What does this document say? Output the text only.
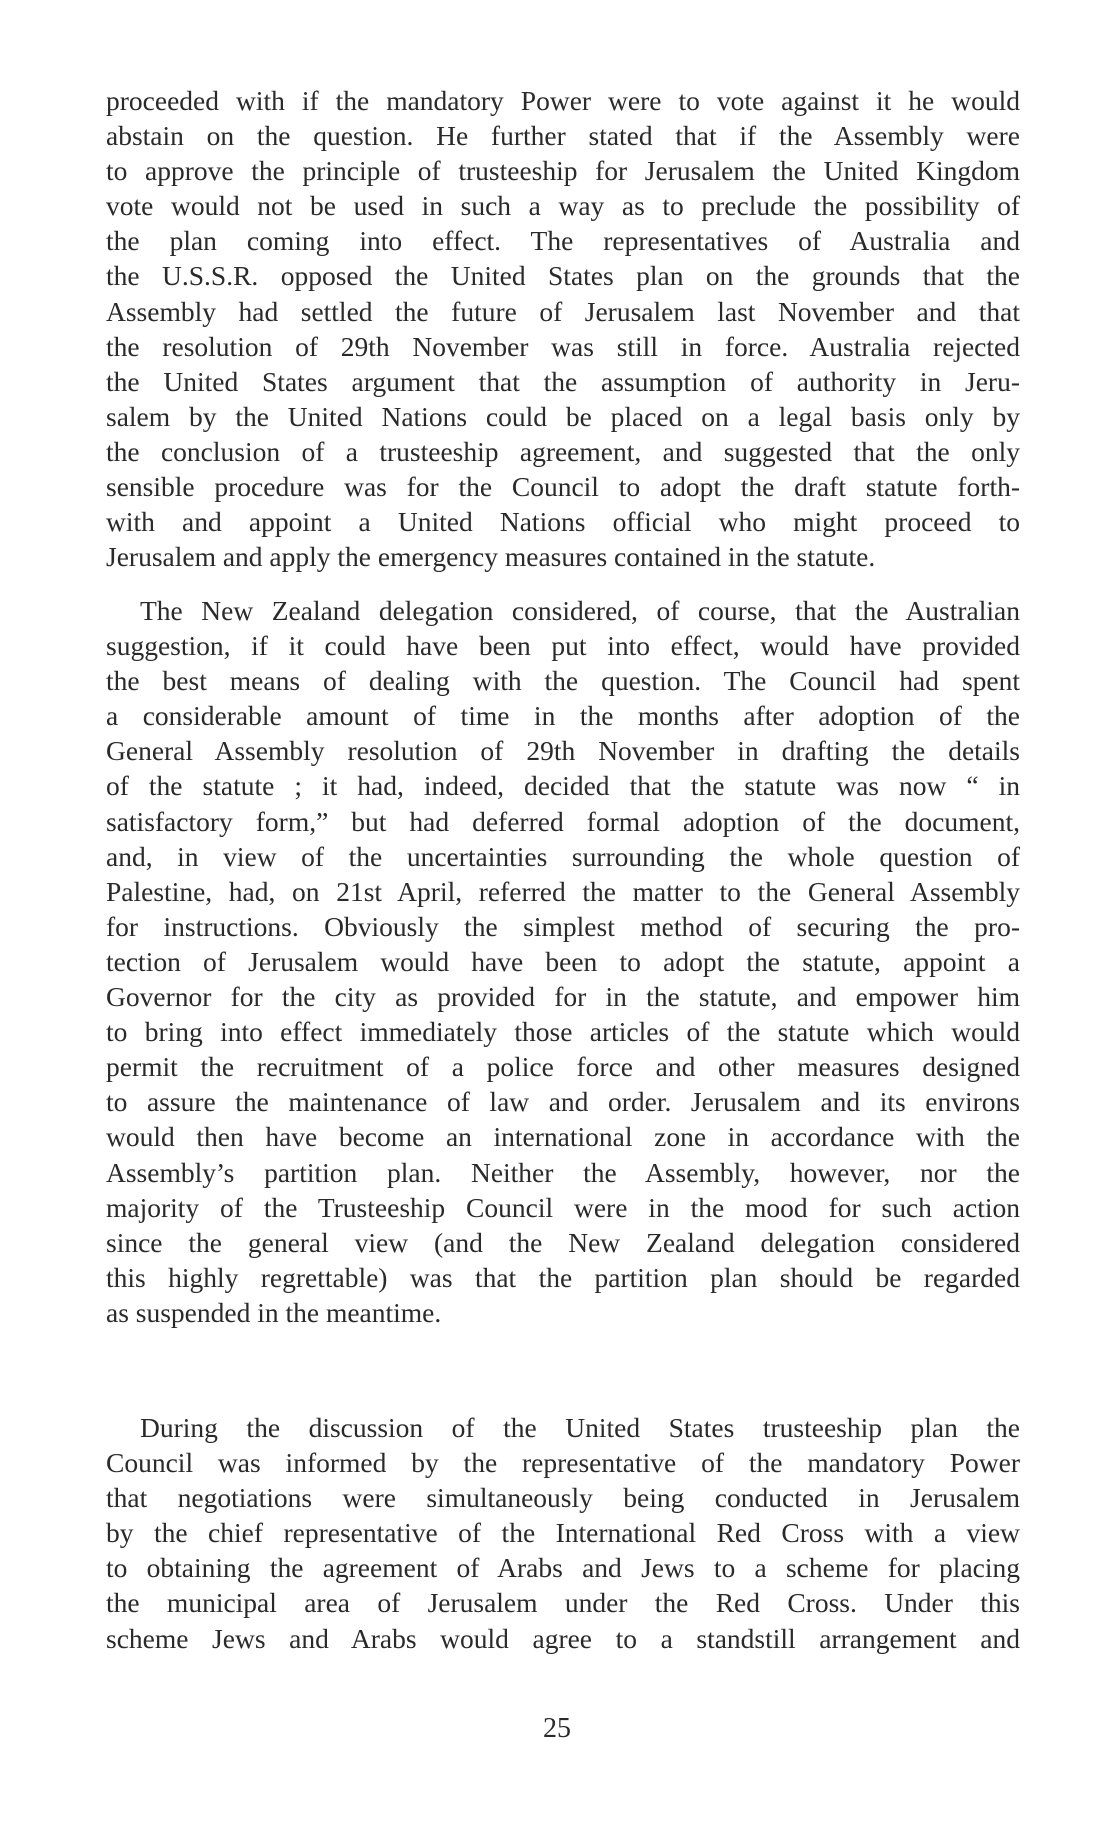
proceeded with if the mandatory Power were to vote against it he would
abstain on the question. He further stated that if the Assembly were
to approve the principle of trusteeship for Jerusalem the United Kingdom
vote would not be used in such a way as to preclude the possibility of
the plan coming into effect. The representatives of Australia and
the U.S.S.R. opposed the United States plan on the grounds that the
Assembly had settled the future of Jerusalem last November and that
the resolution of 29th November was still in force. Australia rejected
the United States argument that the assumption of authority in Jeru-
salem by the United Nations could be placed on a legal basis only by
the conclusion of a trusteeship agreement, and suggested that the only
sensible procedure was for the Council to adopt the draft statute forth-
with and appoint a United Nations official who might proceed to
Jerusalem and apply the emergency measures contained in the statute.
The New Zealand delegation considered, of course, that the Australian
suggestion, if it could have been put into effect, would have provided
the best means of dealing with the question. The Council had spent
a considerable amount of time in the months after adoption of the
General Assembly resolution of 29th November in drafting the details
of the statute ; it had, indeed, decided that the statute was now “ in
satisfactory form,” but had deferred formal adoption of the document,
and, in view of the uncertainties surrounding the whole question of
Palestine, had, on 21st April, referred the matter to the General Assembly
for instructions. Obviously the simplest method of securing the pro-
tection of Jerusalem would have been to adopt the statute, appoint a
Governor for the city as provided for in the statute, and empower him
to bring into effect immediately those articles of the statute which would
permit the recruitment of a police force and other measures designed
to assure the maintenance of law and order. Jerusalem and its environs
would then have become an international zone in accordance with the
Assembly’s partition plan. Neither the Assembly, however, nor the
majority of the Trusteeship Council were in the mood for such action
since the general view (and the New Zealand delegation considered
this highly regrettable) was that the partition plan should be regarded
as suspended in the meantime.
During the discussion of the United States trusteeship plan the
Council was informed by the representative of the mandatory Power
that negotiations were simultaneously being conducted in Jerusalem
by the chief representative of the International Red Cross with a view
to obtaining the agreement of Arabs and Jews to a scheme for placing
the municipal area of Jerusalem under the Red Cross. Under this
scheme Jews and Arabs would agree to a standstill arrangement and
25
